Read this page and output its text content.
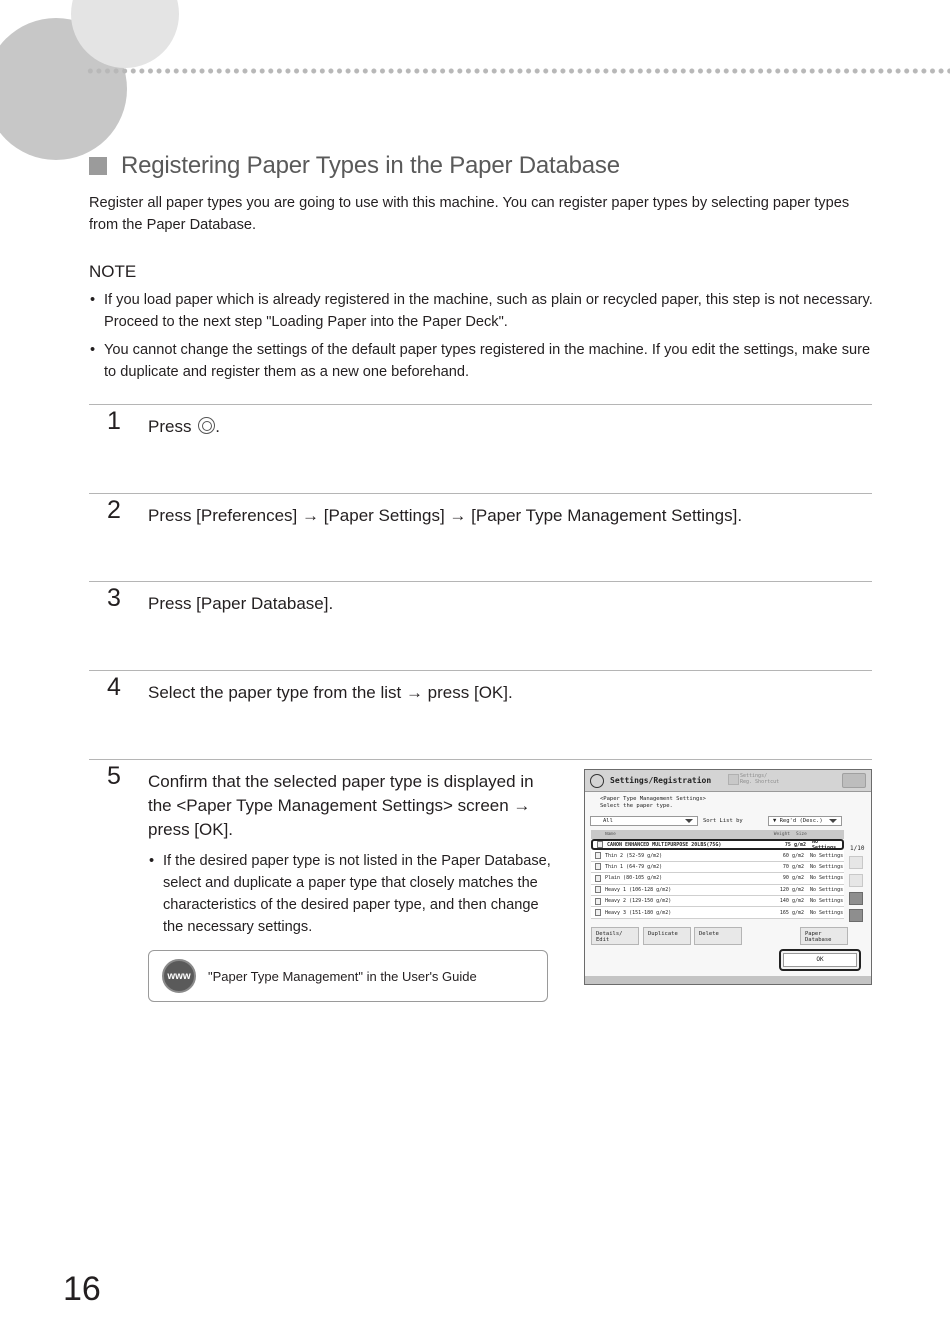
Registering Paper Types in the Paper Database

Register all paper types you are going to use with this machine. You can register paper types by selecting paper types from the Paper Database.

NOTE
• If you load paper which is already registered in the machine, such as plain or recycled paper, this step is not necessary. Proceed to the next step "Loading Paper into the Paper Deck".
• You cannot change the settings of the default paper types registered in the machine. If you edit the settings, make sure to duplicate and register them as a new one beforehand.
1 Press .
2 Press [Preferences] → [Paper Settings] → [Paper Type Management Settings].
3 Press [Paper Database].
4 Select the paper type from the list → press [OK].
5 Confirm that the selected paper type is displayed in the <Paper Type Management Settings> screen → press [OK].
• If the desired paper type is not listed in the Paper Database, select and duplicate a paper type that closely matches the characteristics of the desired paper type, and then change the necessary settings.
www	"Paper Type Management" in the User's Guide
Settings/Registration	Settings/
Reg. Shortcut
<Paper Type Management Settings>
Select the paper type.
All	Sort List by	▼ Reg'd (Desc.)
Name	Weight	Size
CANON ENHANCED MULTIPURPOSE 20LBS(75G)	75 g/m2	No Settings
Thin 2 (52-59 g/m2)	60 g/m2	No Settings
Thin 1 (64-79 g/m2)	70 g/m2	No Settings
Plain (80-105 g/m2)	90 g/m2	No Settings
Heavy 1 (106-128 g/m2)	120 g/m2	No Settings
Heavy 2 (129-150 g/m2)	140 g/m2	No Settings
Heavy 3 (151-180 g/m2)	165 g/m2	No Settings
1/10
Details/
Edit
Duplicate	Delete	Paper
Database
OK
16
